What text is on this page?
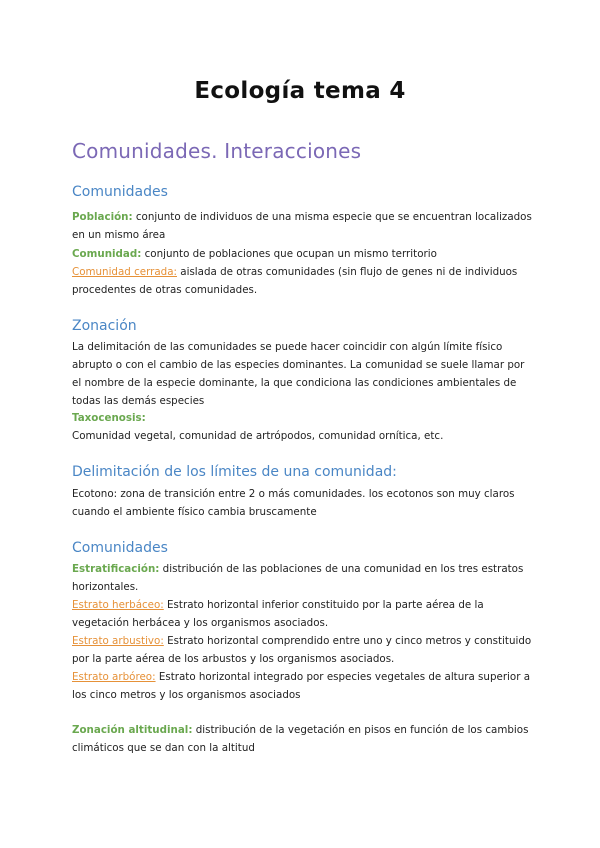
Ecología tema 4
Comunidades. Interacciones
Comunidades
Población: conjunto de individuos de una misma especie que se encuentran localizados en un mismo área
Comunidad: conjunto de poblaciones que ocupan un mismo territorio
Comunidad cerrada: aislada de otras comunidades (sin flujo de genes ni de individuos procedentes de otras comunidades.
Zonación
La delimitación de las comunidades se puede hacer coincidir con algún límite físico abrupto o con el cambio de las especies dominantes. La comunidad se suele llamar por el nombre de la especie dominante, la que condiciona las condiciones ambientales de todas las demás especies
Taxocenosis:
Comunidad vegetal, comunidad de artrópodos, comunidad ornítica, etc.
Delimitación de los límites de una comunidad:
Ecotono: zona de transición entre 2 o más comunidades. los ecotonos son muy claros cuando el ambiente físico cambia bruscamente
Comunidades
Estratificación: distribución de las poblaciones de una comunidad en los tres estratos horizontales.
Estrato herbáceo: Estrato horizontal inferior constituido por la parte aérea de la vegetación herbácea y los organismos asociados.
Estrato arbustivo: Estrato horizontal comprendido entre uno y cinco metros y constituido por la parte aérea de los arbustos y los organismos asociados.
Estrato arbóreo: Estrato horizontal integrado por especies vegetales de altura superior a los cinco metros y los organismos asociados
Zonación altitudinal: distribución de la vegetación en pisos en función de los cambios climáticos que se dan con la altitud
